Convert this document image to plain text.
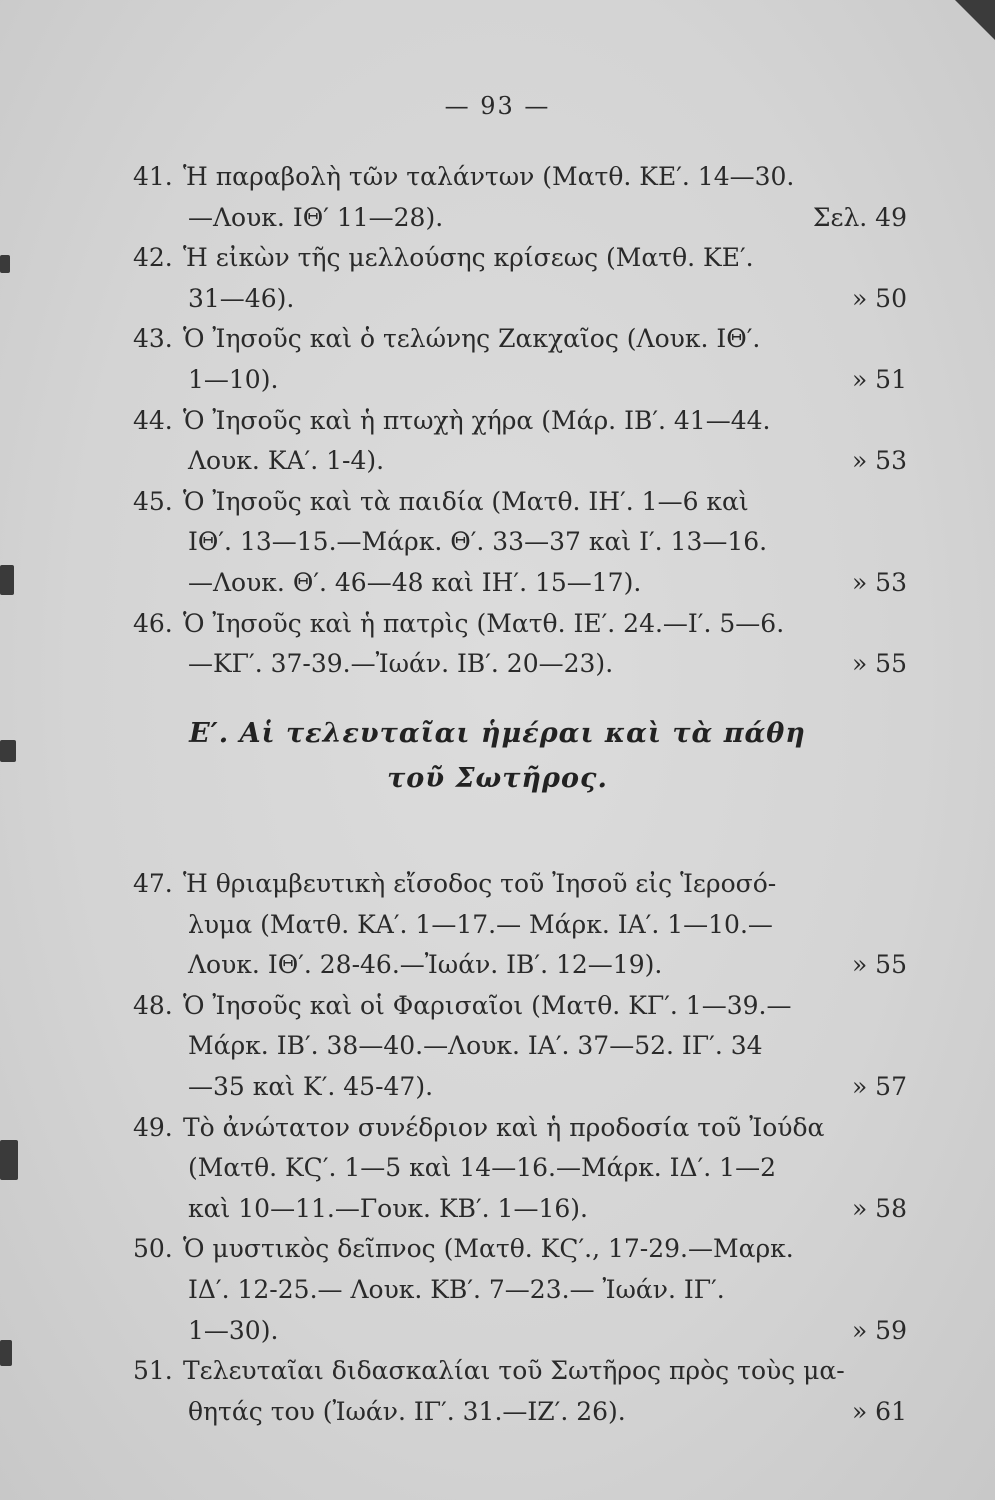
— 93 —
41. Ἡ παραβολὴ τῶν ταλάντων (Ματθ. ΚΕ′. 14—30.
—Λουκ. ΙΘ′ 11—28).	Σελ. 49
42. Ἡ εἰκὼν τῆς μελλούσης κρίσεως (Ματθ. ΚΕ′.
31—46).	» 50
43. Ὁ Ἰησοῦς καὶ ὁ τελώνης Ζακχαῖος (Λουκ. ΙΘ′.
1—10).	» 51
44. Ὁ Ἰησοῦς καὶ ἡ πτωχὴ χήρα (Μάρ. ΙΒ′. 41—44.
Λουκ. ΚΑ′. 1-4).	» 53
45. Ὁ Ἰησοῦς καὶ τὰ παιδία (Ματθ. ΙΗ′. 1—6 καὶ
ΙΘ′. 13—15.—Μάρκ. Θ′. 33—37 καὶ Ι′. 13—16.
—Λουκ. Θ′. 46—48 καὶ ΙΗ′. 15—17).	» 53
46. Ὁ Ἰησοῦς καὶ ἡ πατρὶς (Ματθ. ΙΕ′. 24.—Ι′. 5—6.
—ΚΓ′. 37-39.—Ἰωάν. ΙΒ′. 20—23).	» 55
Ε′. Αἱ τελευταῖαι ἡμέραι καὶ τὰ πάθη
τοῦ Σωτῆρος.
47. Ἡ θριαμβευτικὴ εἴσοδος τοῦ Ἰησοῦ εἰς Ἱεροσό-
λυμα (Ματθ. ΚΑ′. 1—17.— Μάρκ. ΙΑ′. 1—10.—
Λουκ. ΙΘ′. 28-46.—Ἰωάν. ΙΒ′. 12—19).	» 55
48. Ὁ Ἰησοῦς καὶ οἱ Φαρισαῖοι (Ματθ. ΚΓ′. 1—39.—
Μάρκ. ΙΒ′. 38—40.—Λουκ. ΙΑ′. 37—52. ΙΓ′. 34
—35 καὶ Κ′. 45-47).	» 57
49. Τὸ ἀνώτατον συνέδριον καὶ ἡ προδοσία τοῦ Ἰούδα
(Ματθ. ΚϚ′. 1—5 καὶ 14—16.—Μάρκ. ΙΔ′. 1—2
καὶ 10—11.—Γουκ. ΚΒ′. 1—16).	» 58
50. Ὁ μυστικὸς δεῖπνος (Ματθ. ΚϚ′., 17-29.—Μαρκ.
ΙΔ′. 12-25.— Λουκ. ΚΒ′. 7—23.— Ἰωάν. ΙΓ′.
1—30).	» 59
51. Τελευταῖαι διδασκαλίαι τοῦ Σωτῆρος πρὸς τοὺς μα-
θητάς του (Ἰωάν. ΙΓ′. 31.—ΙΖ′. 26).	» 61
